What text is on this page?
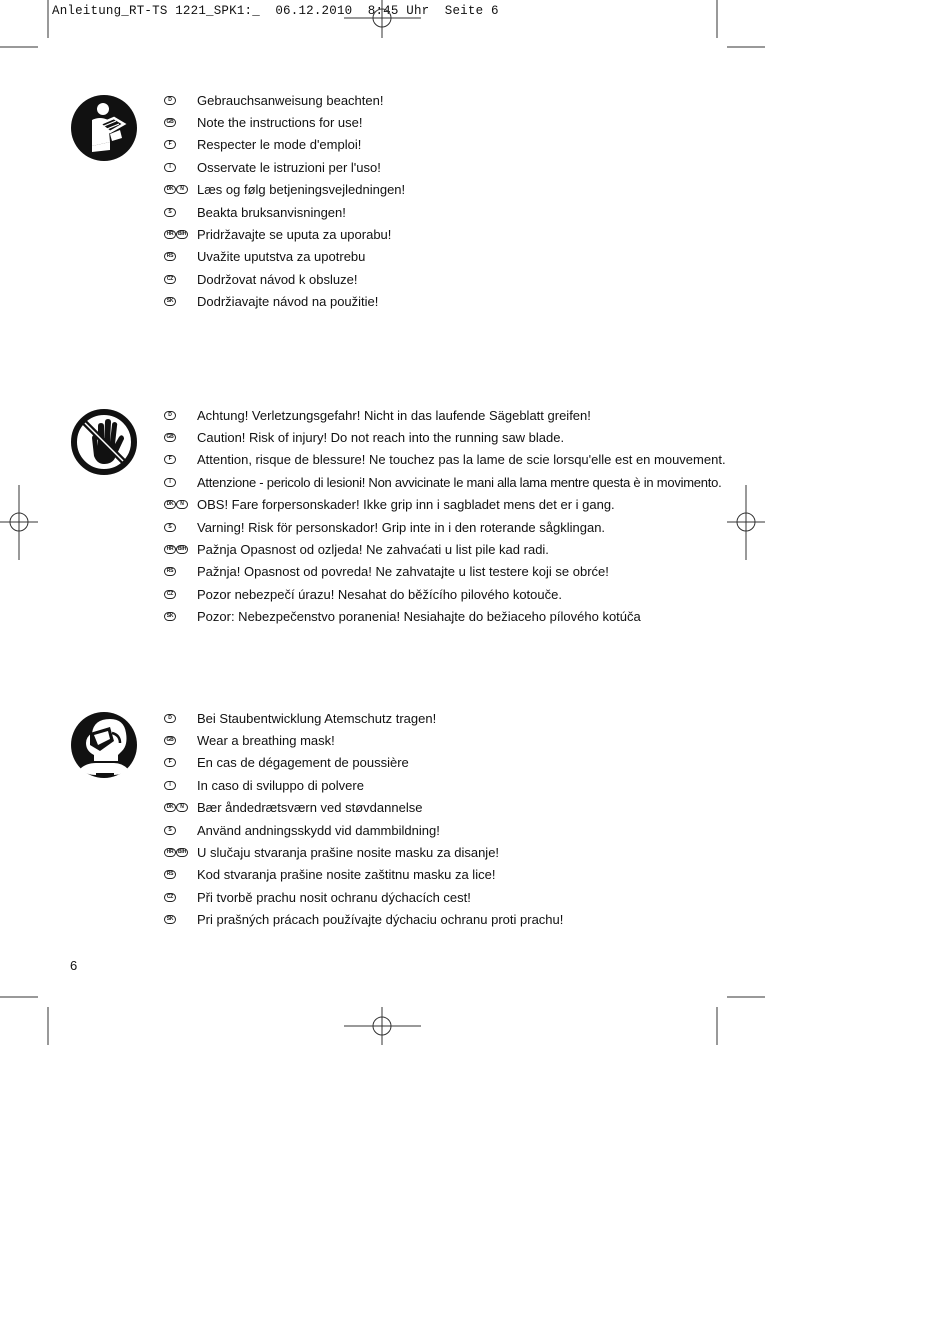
Anleitung_RT-TS 1221_SPK1:_  06.12.2010  8:45 Uhr  Seite 6
D	Gebrauchsanweisung beachten!
GB Note the instructions for use!
F	Respecter le mode d'emploi!
I	Osservate le istruzioni per l'uso!
DK	N	Læs og følg betjeningsvejledningen!
S	Beakta bruksanvisningen!
HR BIH Pridržavajte se uputa za uporabu!
RS Uvažite uputstva za upotrebu
CZ Dodržovat návod k obsluze!
SK Dodržiavajte návod na použitie!
D	Achtung! Verletzungsgefahr! Nicht in das laufende Sägeblatt greifen!
GB Caution! Risk of injury! Do not reach into the running saw blade.
F	Attention, risque de blessure! Ne touchez pas la lame de scie lorsqu'elle est en mouvement.
I	Attenzione - pericolo di lesioni! Non avvicinate le mani alla lama mentre questa è in movimento.
DK	N	OBS! Fare forpersonskader! Ikke grip inn i sagbladet mens det er i gang.
S	Varning! Risk för personskador! Grip inte in i den roterande sågklingan.
HR BIH Pažnja Opasnost od ozljeda! Ne zahvaćati u list pile kad radi.
RS Pažnja! Opasnost od povreda! Ne zahvatajte u list testere koji se obrće!
CZ Pozor nebezpečí úrazu! Nesahat do běžícího pilového kotouče.
SK Pozor: Nebezpečenstvo poranenia! Nesiahajte do bežiaceho pílového kotúča
D	Bei Staubentwicklung Atemschutz tragen!
GB Wear a breathing mask!
F	En cas de dégagement de poussière
I	In caso di sviluppo di polvere
DK	N	Bær åndedrætsværn ved støvdannelse
S	Använd andningsskydd vid dammbildning!
HR BIH U slučaju stvaranja prašine nosite masku za disanje!
RS Kod stvaranja prašine nosite zaštitnu masku za lice!
CZ Při tvorbě prachu nosit ochranu dýchacích cest!
SK Pri prašných prácach používajte dýchaciu ochranu proti prachu!
6
